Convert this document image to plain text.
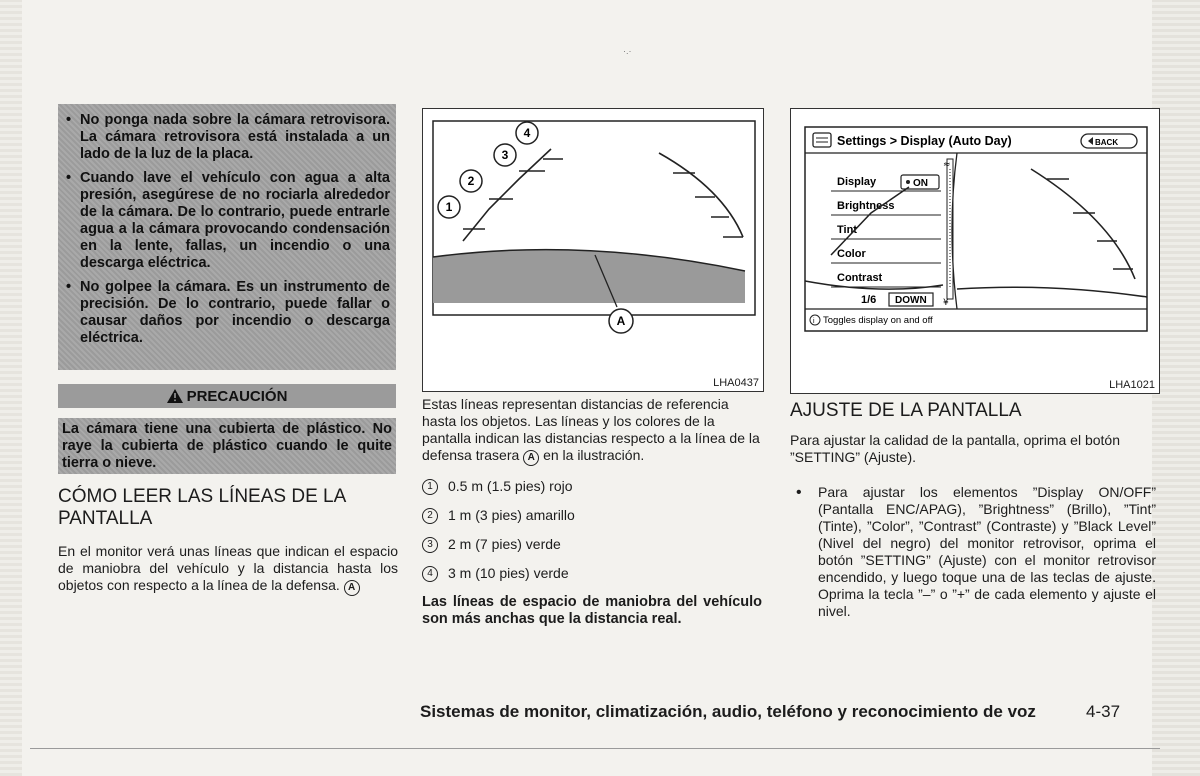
·.·
• No ponga nada sobre la cámara retrovisora. La cámara retrovisora está instalada a un lado de la luz de la placa.
• Cuando lave el vehículo con agua a alta presión, asegúrese de no rociarla alrededor de la cámara. De lo contrario, puede entrarle agua a la cámara provocando condensación en la lente, fallas, un incendio o una descarga eléctrica.
• No golpee la cámara. Es un instrumento de precisión. De lo contrario, puede fallar o causar daños por incendio o descarga eléctrica.
PRECAUCIÓN
La cámara tiene una cubierta de plástico. No raye la cubierta de plástico cuando le quite tierra o nieve.
CÓMO LEER LAS LÍNEAS DE LA PANTALLA
En el monitor verá unas líneas que indican el espacio de maniobra del vehículo y la distancia hasta los objetos con respecto a la línea de la defensa. A
1
2
3
4
A
LHA0437
Estas líneas representan distancias de referencia hasta los objetos. Las líneas y los colores de la pantalla indican las distancias respecto a la línea de la defensa trasera A en la ilustración.
1 0.5 m (1.5 pies) rojo
2 1 m (3 pies) amarillo
3 2 m (7 pies) verde
4 3 m (10 pies) verde
Las líneas de espacio de maniobra del vehículo son más anchas que la distancia real.
Settings > Display (Auto Day)	BACK
Display	ON
Brightness
Tint
Color
Contrast
≈
¥
1/6 DOWN
i Toggles display on and off
LHA1021
AJUSTE DE LA PANTALLA
Para ajustar la calidad de la pantalla, oprima el botón ”SETTING” (Ajuste).
• Para ajustar los elementos ”Display ON/OFF” (Pantalla ENC/APAG), ”Brightness” (Brillo), ”Tint” (Tinte), ”Color”, ”Contrast” (Contraste) y ”Black Level” (Nivel del negro) del monitor retrovisor, oprima el botón ”SETTING” (Ajuste) con el monitor retrovisor encendido, y luego toque una de las teclas de ajuste. Oprima la tecla ”–” o ”+” de cada elemento y ajuste el nivel.
Sistemas de monitor, climatización, audio, teléfono y reconocimiento de voz	4-37
